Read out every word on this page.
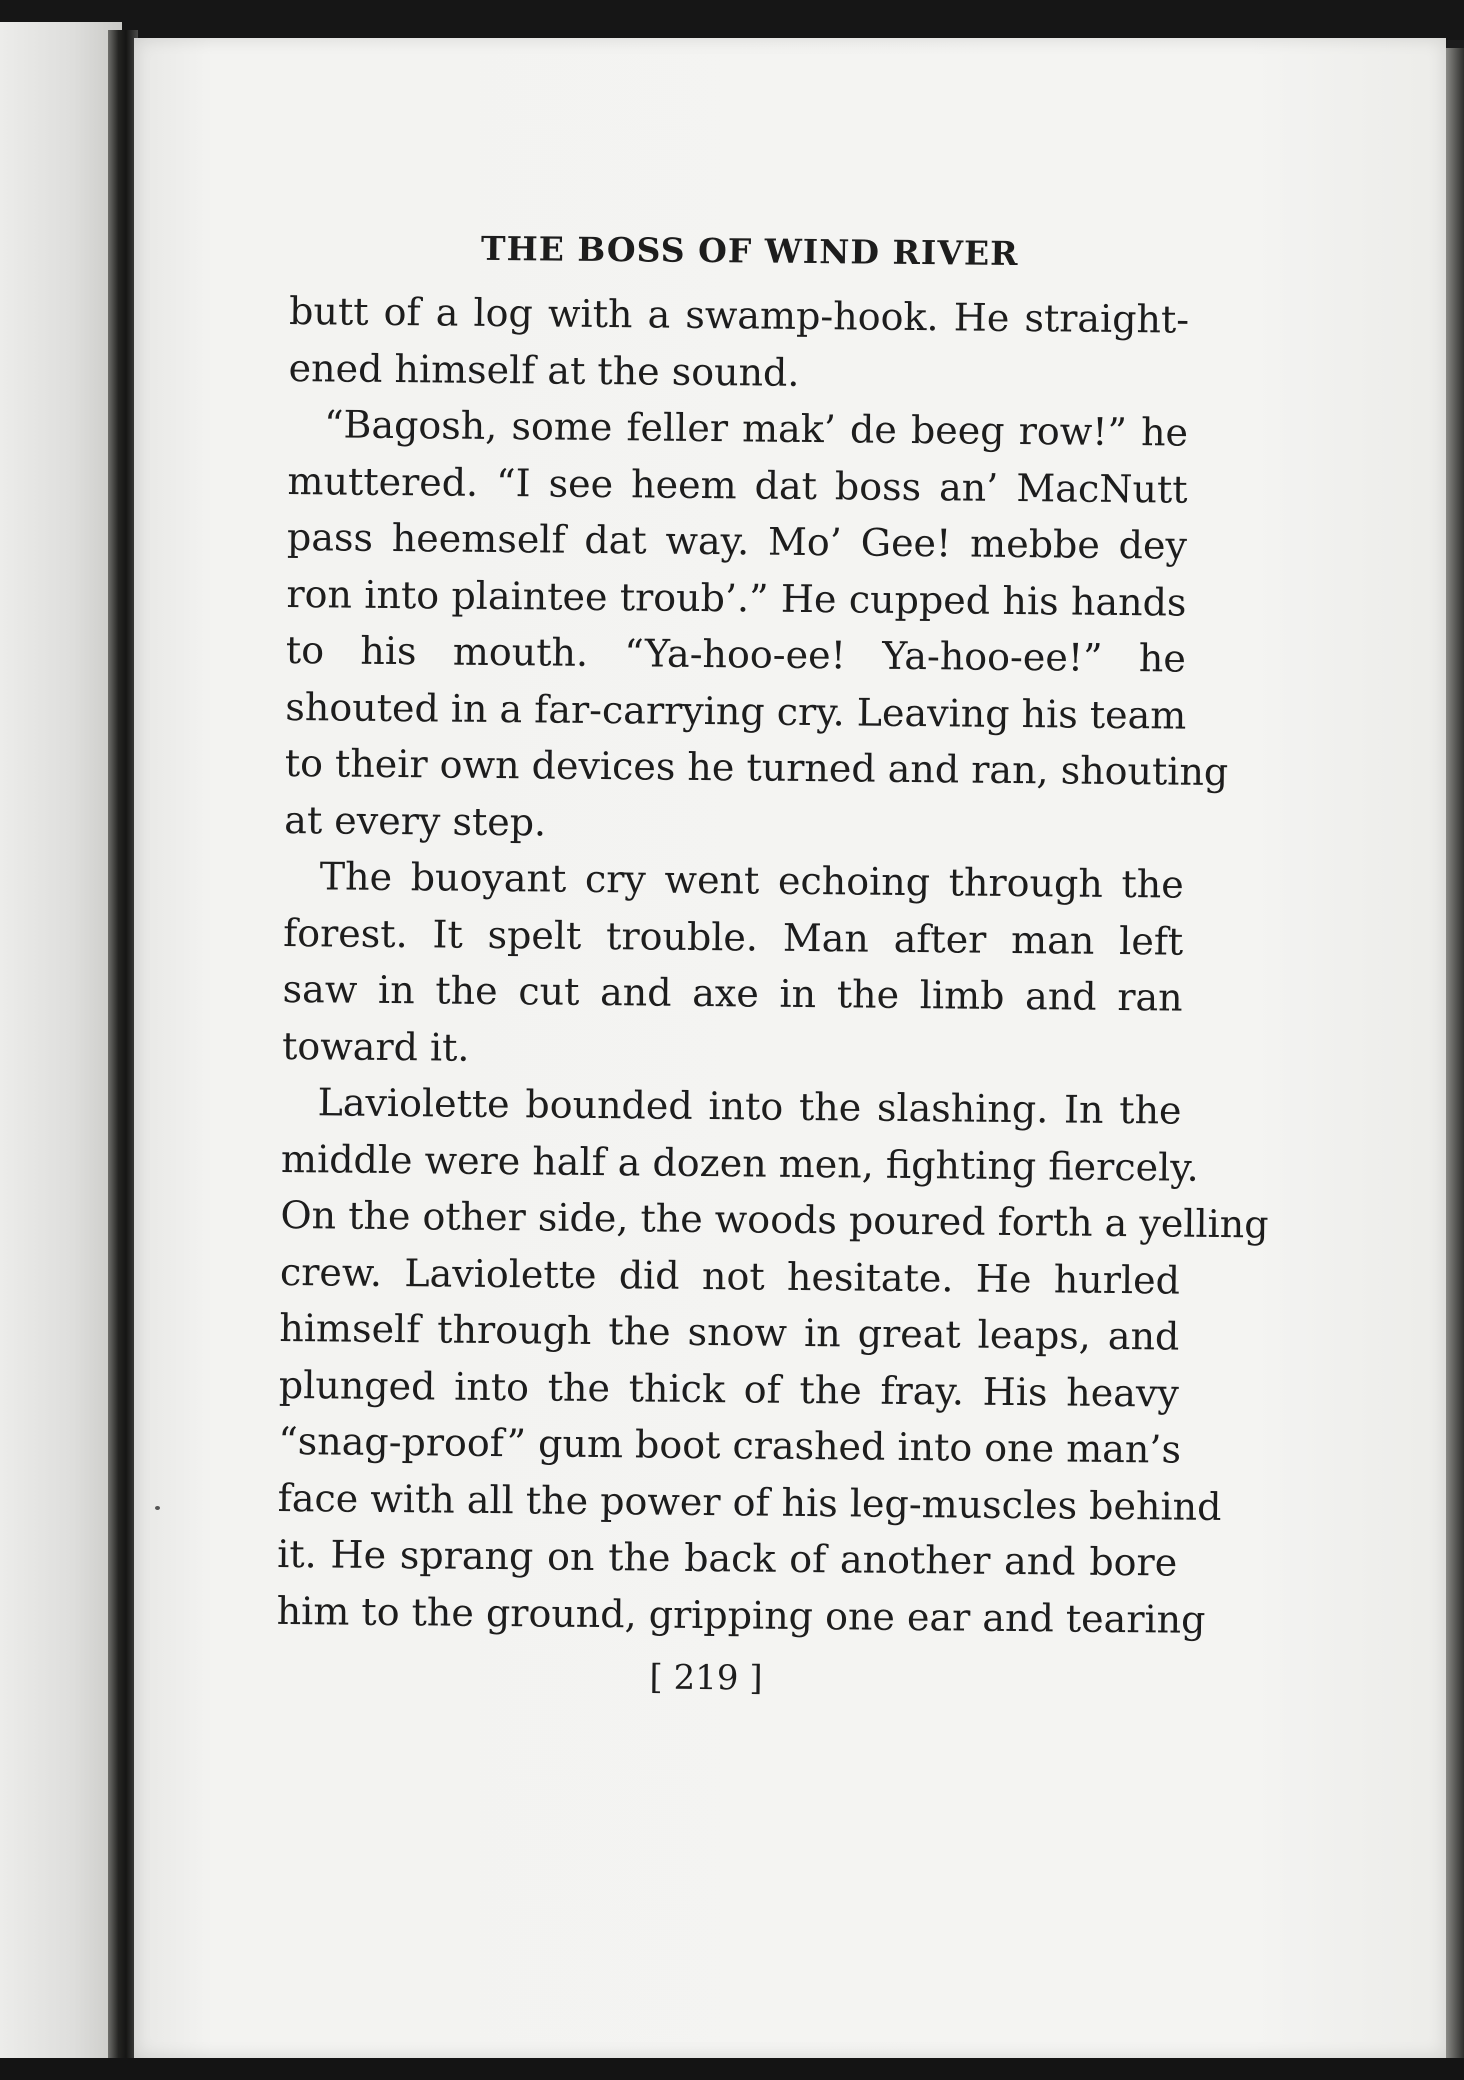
THE BOSS OF WIND RIVER
butt of a log with a swamp-hook. He straight-
ened himself at the sound.
“Bagosh, some feller mak’ de beeg row!” he
muttered. “I see heem dat boss an’ MacNutt
pass heemself dat way. Mo’ Gee! mebbe dey
ron into plaintee troub’.” He cupped his hands
to his mouth. “Ya-hoo-ee! Ya-hoo-ee!” he
shouted in a far-carrying cry. Leaving his team
to their own devices he turned and ran, shouting
at every step.
The buoyant cry went echoing through the
forest. It spelt trouble. Man after man left
saw in the cut and axe in the limb and ran
toward it.
Laviolette bounded into the slashing. In the
middle were half a dozen men, fighting fiercely.
On the other side, the woods poured forth a yelling
crew. Laviolette did not hesitate. He hurled
himself through the snow in great leaps, and
plunged into the thick of the fray. His heavy
“snag-proof” gum boot crashed into one man’s
face with all the power of his leg-muscles behind
it. He sprang on the back of another and bore
him to the ground, gripping one ear and tearing
[ 219 ]
